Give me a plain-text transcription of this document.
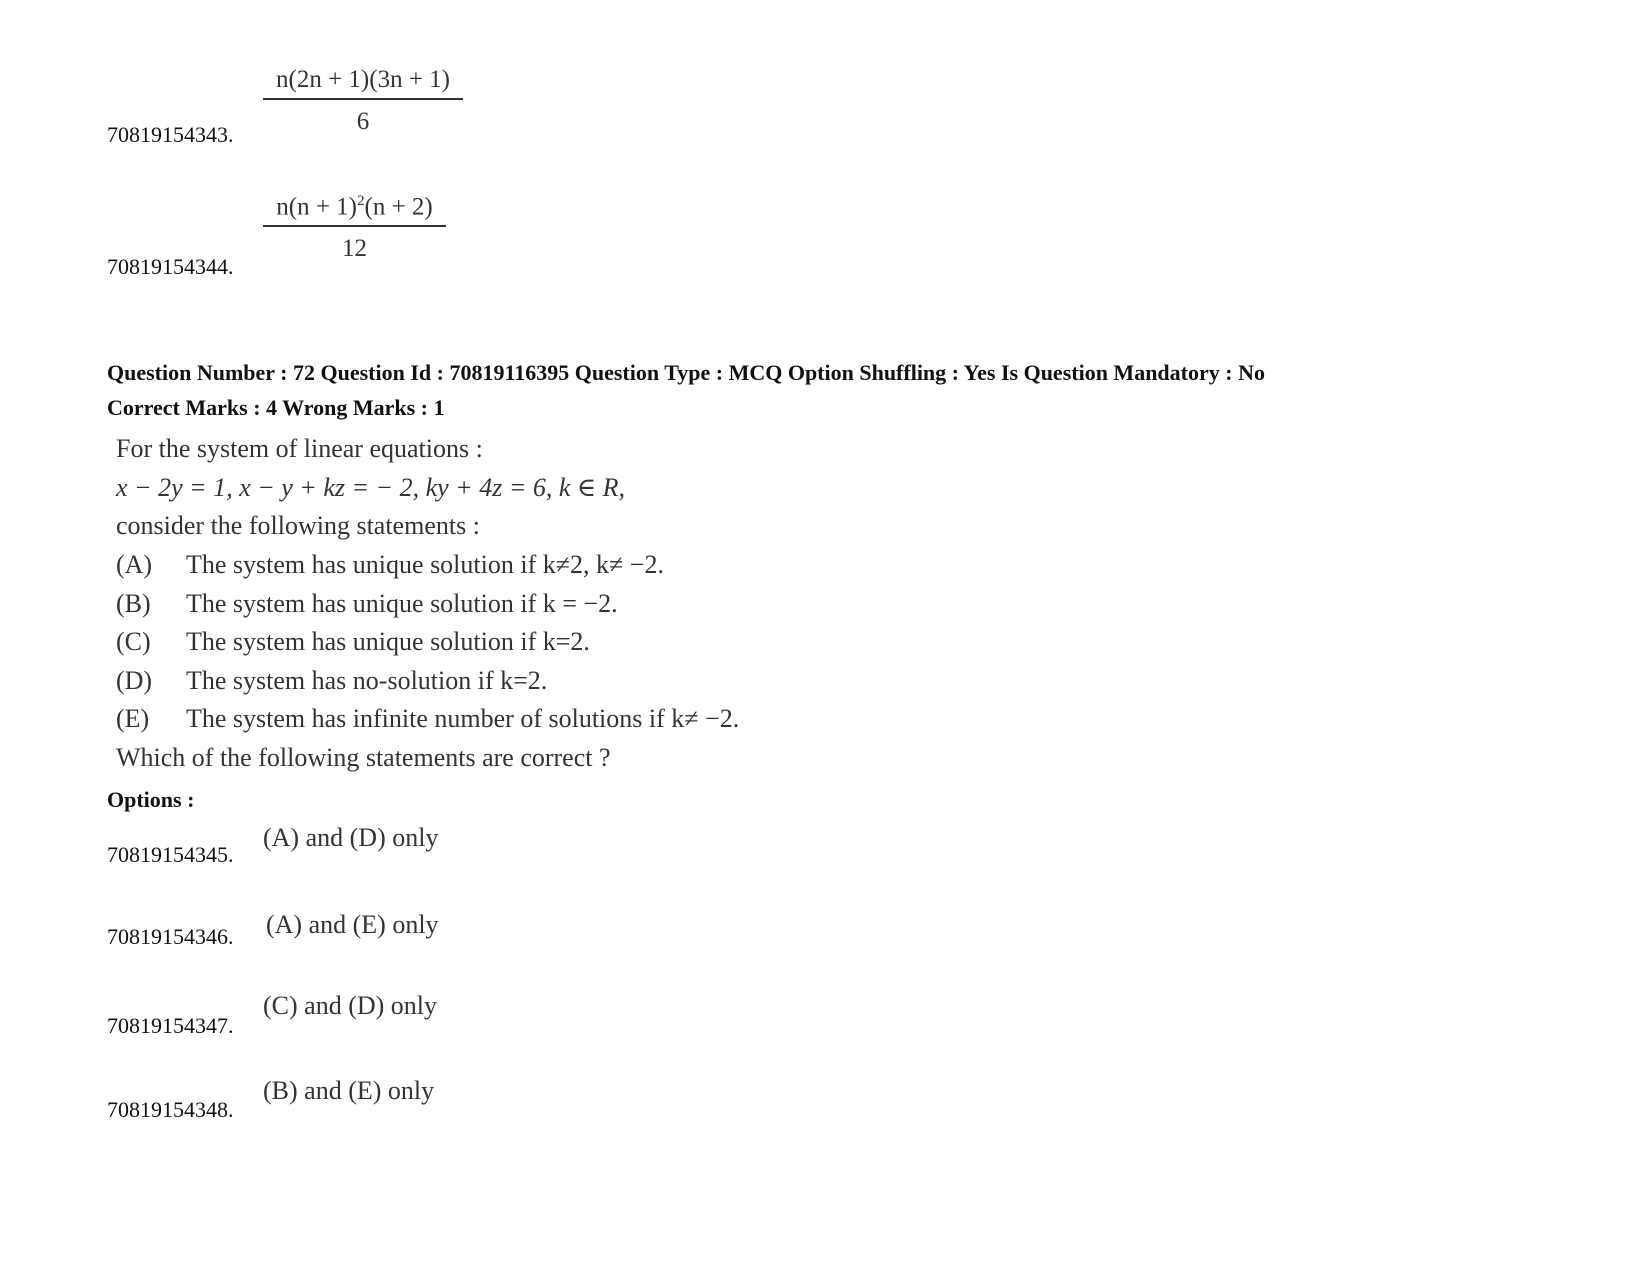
$\frac{n(2n + 1)(3n + 1)}{6}$
70819154343.
$\frac{n(n + 1)^2(n + 2)}{12}$
70819154344.
Question Number : 72 Question Id : 70819116395 Question Type : MCQ Option Shuffling : Yes Is Question Mandatory : No
Correct Marks : 4 Wrong Marks : 1
For the system of linear equations :
x − 2y = 1, x − y + kz = − 2, ky + 4z = 6, k ∈ R,
consider the following statements :
(A) The system has unique solution if k≠2, k≠ −2.
(B) The system has unique solution if k = −2.
(C) The system has unique solution if k=2.
(D) The system has no-solution if k=2.
(E) The system has infinite number of solutions if k≠ −2.
Which of the following statements are correct ?
Options :
(A) and (D) only
70819154345.
(A) and (E) only
70819154346.
(C) and (D) only
70819154347.
(B) and (E) only
70819154348.
